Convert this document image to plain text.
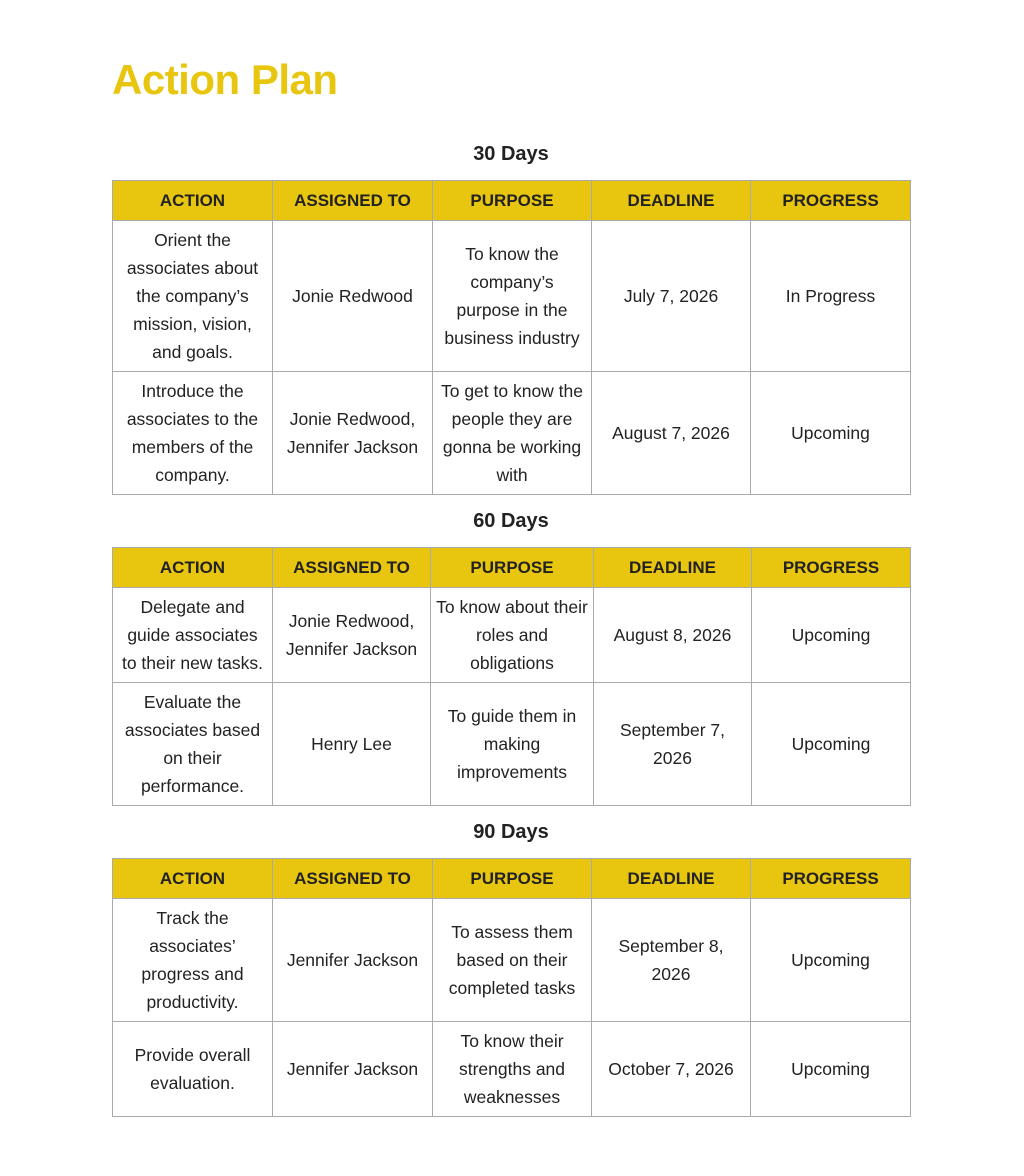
Action Plan
30 Days
ACTION	ASSIGNED TO	PURPOSE	DEADLINE	PROGRESS
Orient the associates about the company’s mission, vision, and goals.	Jonie Redwood	To know the company’s purpose in the business industry	July 7, 2026	In Progress
Introduce the associates to the members of the company.	Jonie Redwood, Jennifer Jackson	To get to know the people they are gonna be working with	August 7, 2026	Upcoming
60 Days
ACTION	ASSIGNED TO	PURPOSE	DEADLINE	PROGRESS
Delegate and guide associates to their new tasks.	Jonie Redwood, Jennifer Jackson	To know about their roles and obligations	August 8, 2026	Upcoming
Evaluate the associates based on their performance.	Henry Lee	To guide them in making improvements	September 7, 2026	Upcoming
90 Days
ACTION	ASSIGNED TO	PURPOSE	DEADLINE	PROGRESS
Track the associates’ progress and productivity.	Jennifer Jackson	To assess them based on their completed tasks	September 8, 2026	Upcoming
Provide overall evaluation.	Jennifer Jackson	To know their strengths and weaknesses	October 7, 2026	Upcoming
